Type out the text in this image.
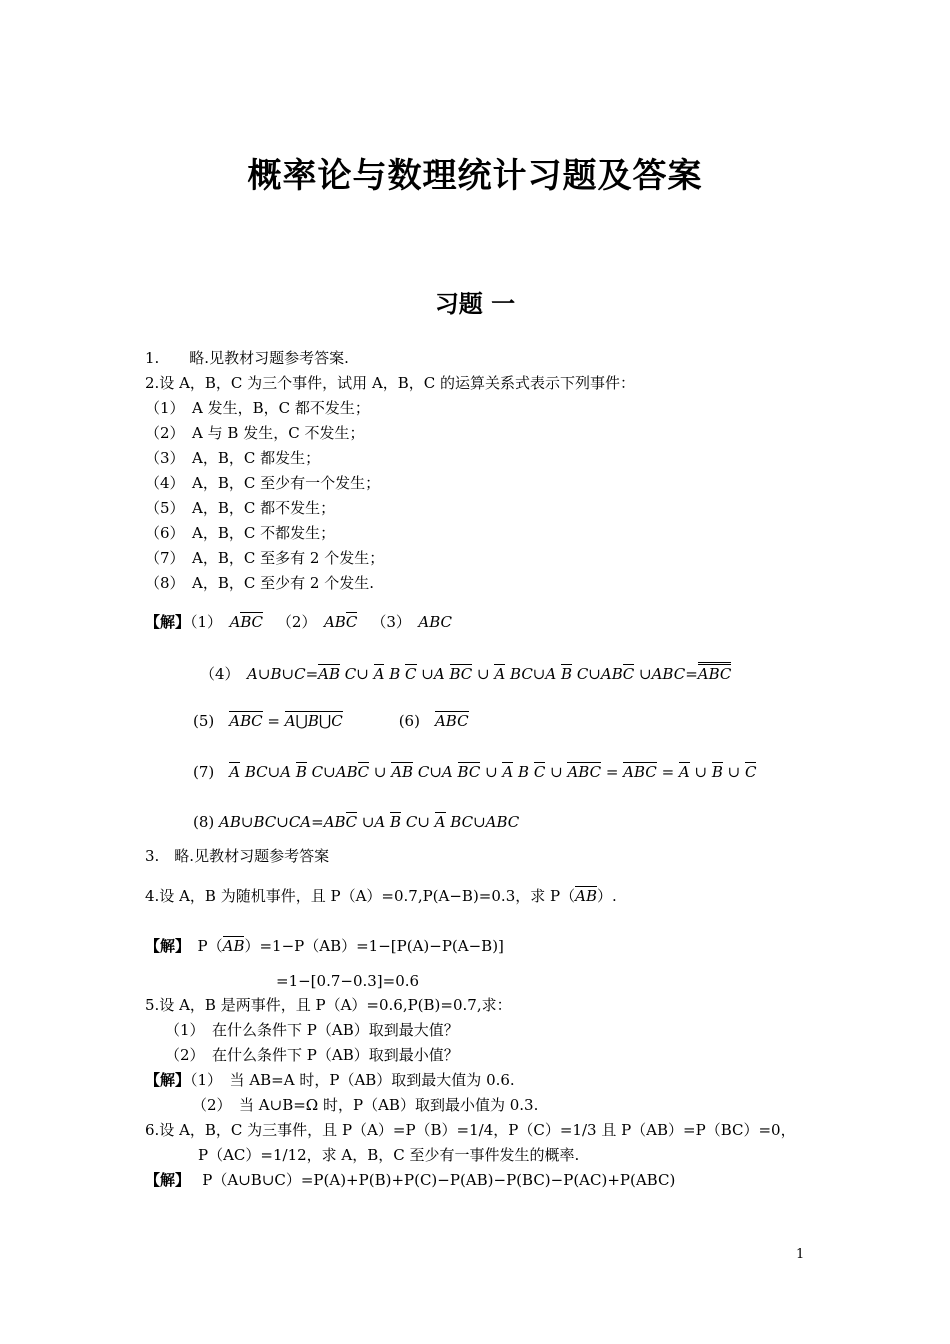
概率论与数理统计习题及答案
习题 一
1.　　略.见教材习题参考答案.
2.设 A，B，C 为三个事件，试用 A，B，C 的运算关系式表示下列事件：
（1）　A 发生，B，C 都不发生；
（2）　A 与 B 发生，C 不发生；
（3）　A，B，C 都发生；
（4）　A，B，C 至少有一个发生；
（5）　A，B，C 都不发生；
（6）　A，B，C 不都发生；
（7）　A，B，C 至多有 2 个发生；
（8）　A，B，C 至少有 2 个发生.
【解】（1）　ABC （2）　ABC （3）　ABC
（4）　A∪B∪C=AB C∪ A B C ∪A BC ∪ A BC∪A B C∪ABC ∪ABC=ABC
(5)　ABC = A⋃B⋃C	(6)　ABC
(7)　A BC∪A B C∪ABC ∪ AB C∪A BC ∪ A B C ∪ ABC = ABC = A ∪ B ∪ C
(8) AB∪BC∪CA=ABC ∪A B C∪ A BC∪ABC
3.　略.见教材习题参考答案
4.设 A，B 为随机事件，且 P（A）=0.7,P(A−B)=0.3，求 P（AB）.
【解】　P（AB）=1−P（AB）=1−[P(A)−P(A−B)]
=1−[0.7−0.3]=0.6
5.设 A，B 是两事件，且 P（A）=0.6,P(B)=0.7,求：
（1）　在什么条件下 P（AB）取到最大值？
（2）　在什么条件下 P（AB）取到最小值？
【解】（1）　当 AB=A 时，P（AB）取到最大值为 0.6.
（2）　当 A∪B=Ω 时，P（AB）取到最小值为 0.3.
6.设 A，B，C 为三事件，且 P（A）=P（B）=1/4，P（C）=1/3 且 P（AB）=P（BC）=0，
P（AC）=1/12，求 A，B，C 至少有一事件发生的概率.
【解】　 P（A∪B∪C）=P(A)+P(B)+P(C)−P(AB)−P(BC)−P(AC)+P(ABC)
1
